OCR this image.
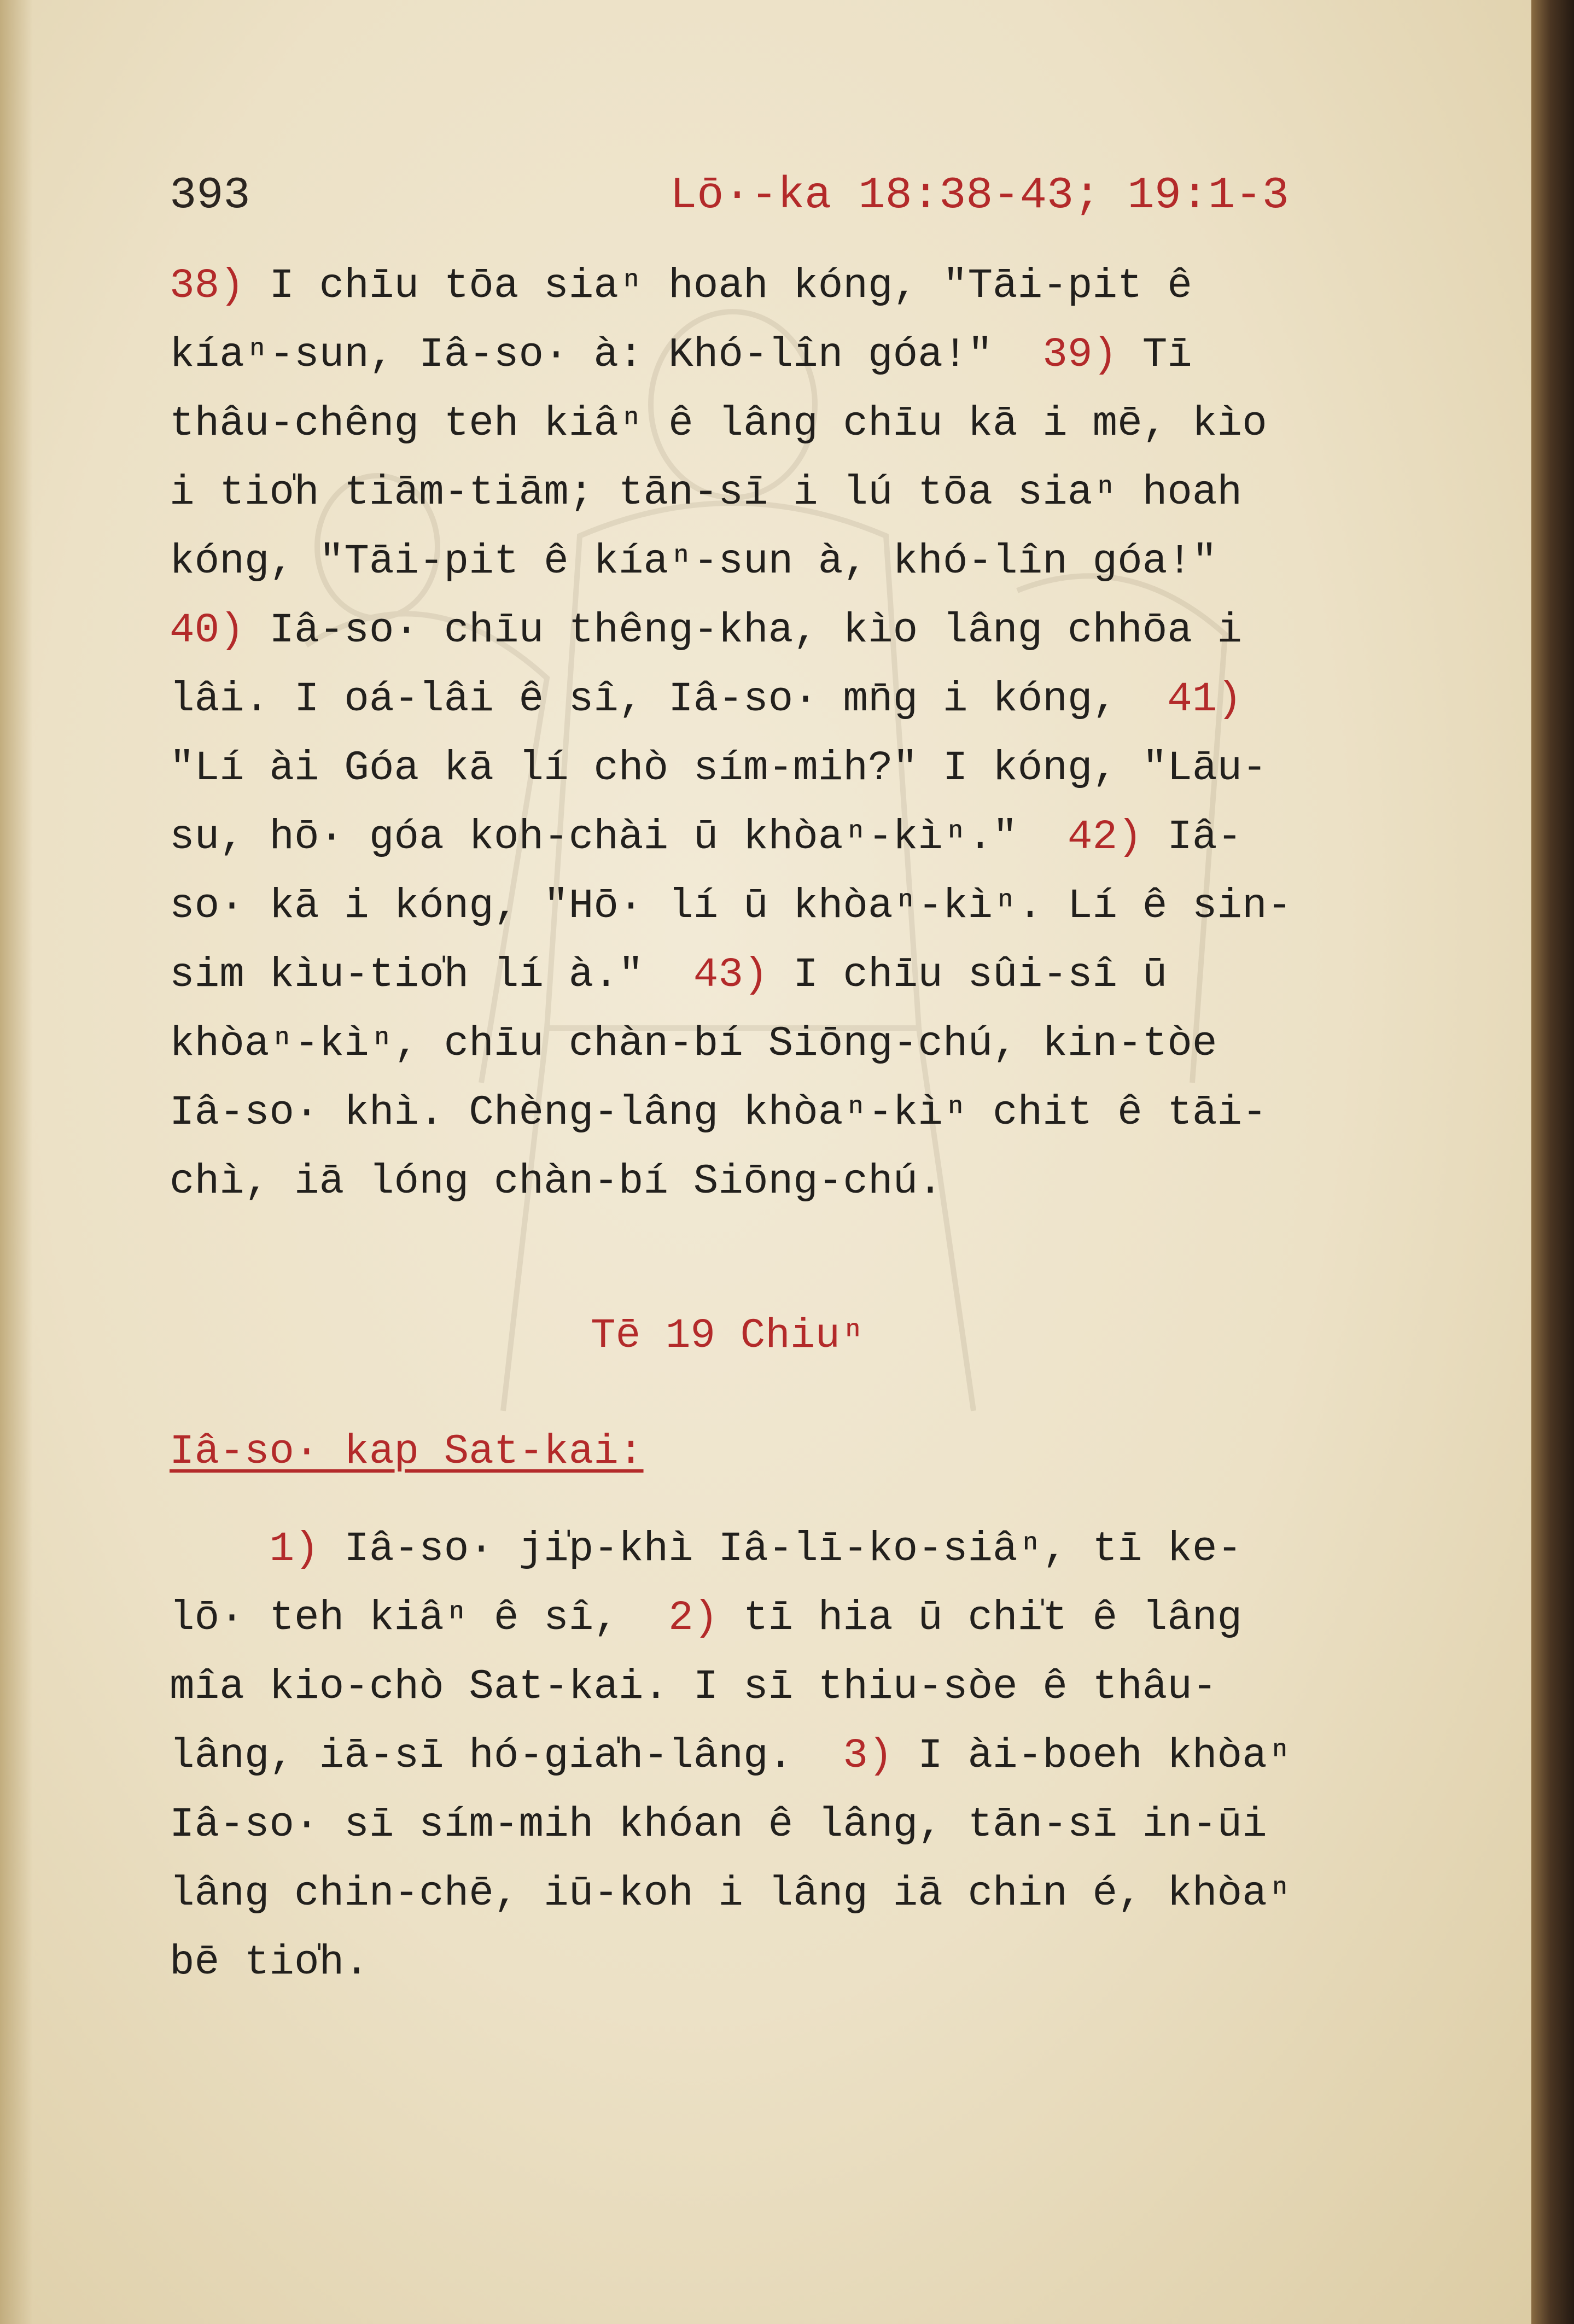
393	Lō·-ka 18:38-43; 19:1-3
38) I chīu tōa siaⁿ hoah kóng, "Tāi-pit ê
kíaⁿ-sun, Iâ-so· à: Khó-lîn góa!"  39) Tī
thâu-chêng teh kiâⁿ ê lâng chīu kā i mē, kìo
i tio̍h tiām-tiām; tān-sī i lú tōa siaⁿ hoah
kóng, "Tāi-pit ê kíaⁿ-sun à, khó-lîn góa!"
40) Iâ-so· chīu thêng-kha, kìo lâng chhōa i
lâi. I oá-lâi ê sî, Iâ-so· mn̄g i kóng,  41)
"Lí ài Góa kā lí chò sím-mih?" I kóng, "Lāu-
su, hō· góa koh-chài ū khòaⁿ-kìⁿ."  42) Iâ-
so· kā i kóng, "Hō· lí ū khòaⁿ-kìⁿ. Lí ê sin-
sim kìu-tio̍h lí à."  43) I chīu sûi-sî ū
khòaⁿ-kìⁿ, chīu chàn-bí Siōng-chú, kin-tòe
Iâ-so· khì. Chèng-lâng khòaⁿ-kìⁿ chit ê tāi-
chì, iā lóng chàn-bí Siōng-chú.
Tē 19 Chiuⁿ
Iâ-so· kap Sat-kai:
1) Iâ-so· ji̍p-khì Iâ-lī-ko-siâⁿ, tī ke-
lō· teh kiâⁿ ê sî,  2) tī hia ū chi̍t ê lâng
mîa kio-chò Sat-kai. I sī thiu-sòe ê thâu-
lâng, iā-sī hó-gia̍h-lâng.  3) I ài-boeh khòaⁿ
Iâ-so· sī sím-mih khóan ê lâng, tān-sī in-ūi
lâng chin-chē, iū-koh i lâng iā chin é, khòaⁿ
bē tio̍h.
